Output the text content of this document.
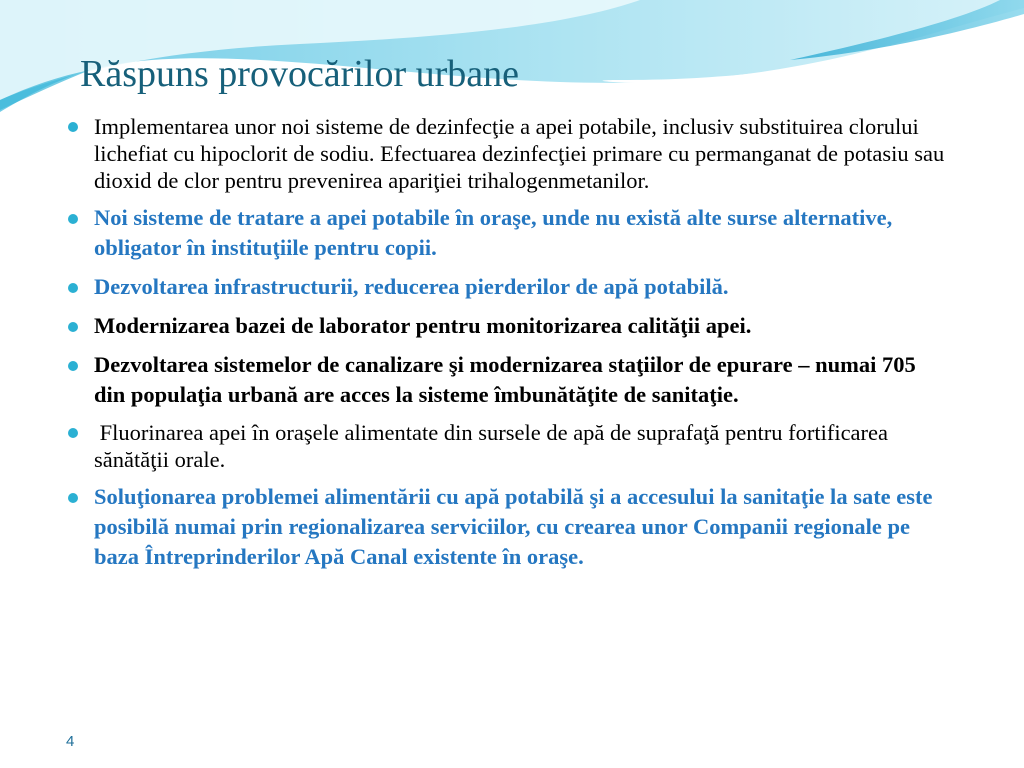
Răspuns provocărilor urbane
Implementarea unor noi sisteme de dezinfecţie a apei potabile, inclusiv substituirea clorului lichefiat cu hipoclorit de sodiu. Efectuarea dezinfecţiei primare cu permanganat de potasiu sau dioxid de clor pentru prevenirea apariţiei trihalogenmetanilor.
Noi sisteme de tratare a apei potabile în oraşe, unde nu există alte surse alternative, obligator în instituţiile pentru copii.
Dezvoltarea infrastructurii, reducerea pierderilor de apă potabilă.
Modernizarea bazei de laborator pentru monitorizarea calităţii apei.
Dezvoltarea sistemelor de canalizare şi modernizarea staţiilor de epurare – numai 705 din populaţia urbană are acces la sisteme îmbunătăţite de sanitaţie.
Fluorinarea apei în oraşele alimentate din sursele de apă de suprafaţă pentru fortificarea sănătăţii orale.
Soluţionarea problemei alimentării cu apă potabilă şi a accesului la sanitaţie la sate este posibilă numai prin regionalizarea serviciilor, cu crearea unor Companii regionale pe baza Întreprinderilor Apă Canal existente în oraşe.
4
